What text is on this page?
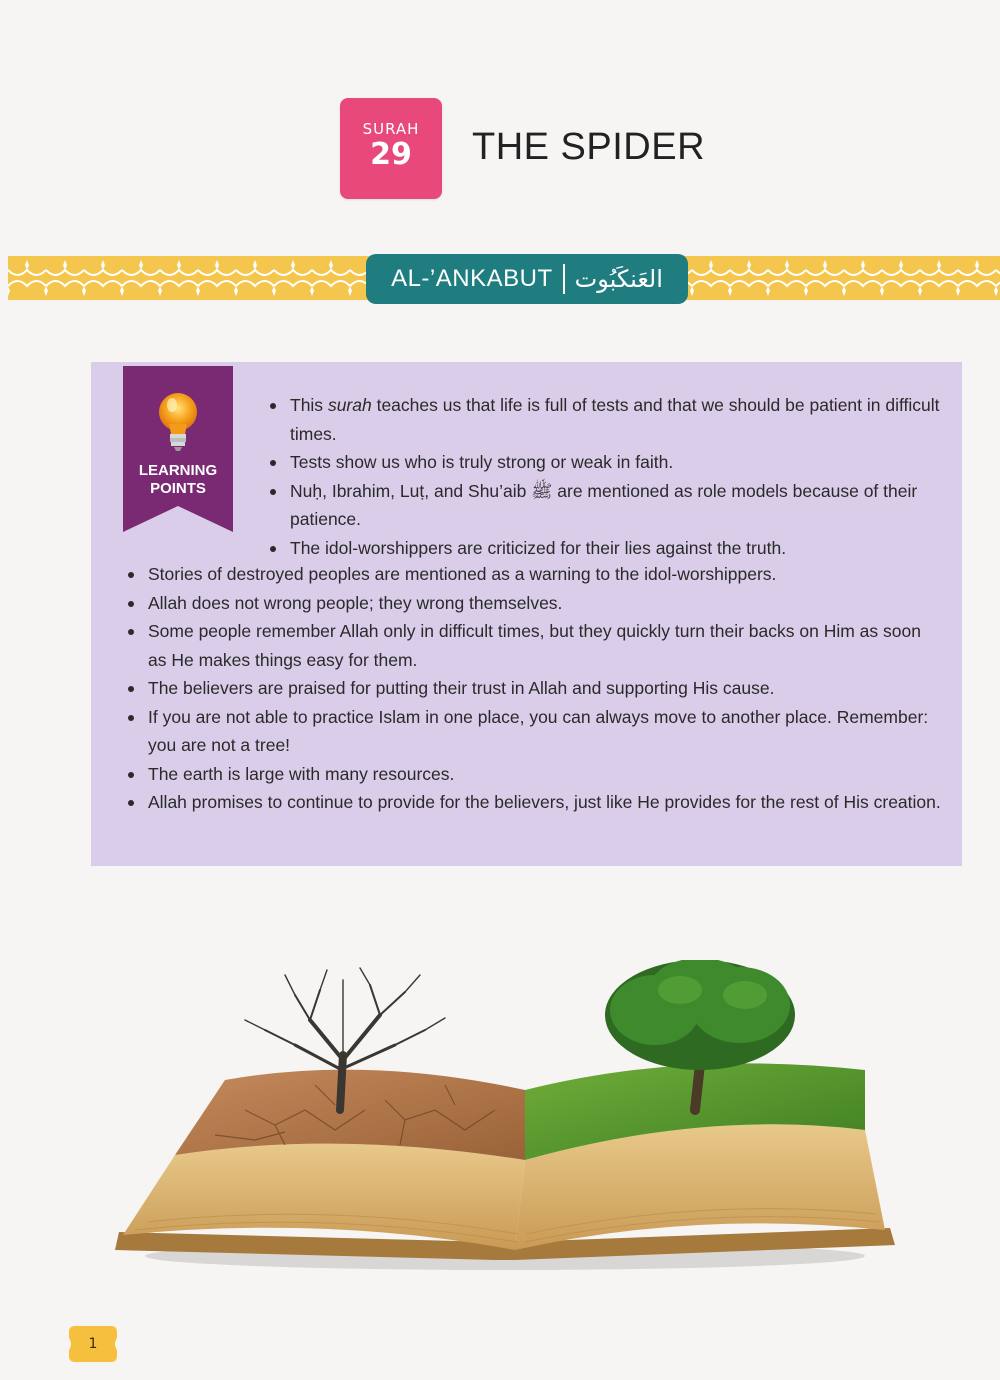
SURAH
29	THE SPIDER
AL-’ANKABUT العَنكَبُوت
LEARNING
POINTS
This surah teaches us that life is full of tests and that we should be patient in difficult times.
Tests show us who is truly strong or weak in faith.
Nuḥ, Ibrahim, Luṭ, and Shu’aib ﷺ are mentioned as role models because of their patience.
The idol-worshippers are criticized for their lies against the truth.
Stories of destroyed peoples are mentioned as a warning to the idol-worshippers.
Allah does not wrong people; they wrong themselves.
Some people remember Allah only in difficult times, but they quickly turn their backs on Him as soon as He makes things easy for them.
The believers are praised for putting their trust in Allah and supporting His cause.
If you are not able to practice Islam in one place, you can always move to another place. Remember: you are not a tree!
The earth is large with many resources.
Allah promises to continue to provide for the believers, just like He provides for the rest of His creation.
1
